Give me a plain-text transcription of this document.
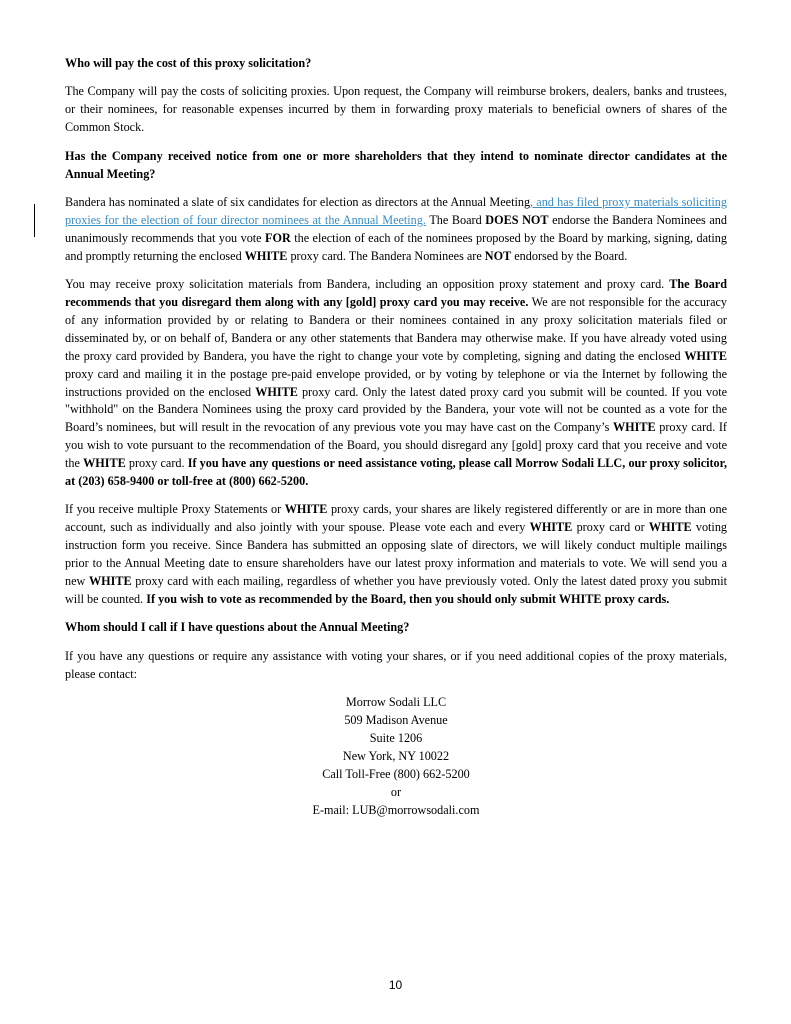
Who will pay the cost of this proxy solicitation?

The Company will pay the costs of soliciting proxies. Upon request, the Company will reimburse brokers, dealers, banks and trustees, or their nominees, for reasonable expenses incurred by them in forwarding proxy materials to beneficial owners of shares of the Common Stock.

Has the Company received notice from one or more shareholders that they intend to nominate director candidates at the Annual Meeting?

Bandera has nominated a slate of six candidates for election as directors at the Annual Meeting, and has filed proxy materials soliciting proxies for the election of four director nominees at the Annual Meeting. The Board DOES NOT endorse the Bandera Nominees and unanimously recommends that you vote FOR the election of each of the nominees proposed by the Board by marking, signing, dating and promptly returning the enclosed WHITE proxy card. The Bandera Nominees are NOT endorsed by the Board.

You may receive proxy solicitation materials from Bandera, including an opposition proxy statement and proxy card. The Board recommends that you disregard them along with any [gold] proxy card you may receive. We are not responsible for the accuracy of any information provided by or relating to Bandera or their nominees contained in any proxy solicitation materials filed or disseminated by, or on behalf of, Bandera or any other statements that Bandera may otherwise make. If you have already voted using the proxy card provided by Bandera, you have the right to change your vote by completing, signing and dating the enclosed WHITE proxy card and mailing it in the postage pre-paid envelope provided, or by voting by telephone or via the Internet by following the instructions provided on the enclosed WHITE proxy card. Only the latest dated proxy card you submit will be counted. If you vote "withhold" on the Bandera Nominees using the proxy card provided by the Bandera, your vote will not be counted as a vote for the Board’s nominees, but will result in the revocation of any previous vote you may have cast on the Company’s WHITE proxy card. If you wish to vote pursuant to the recommendation of the Board, you should disregard any [gold] proxy card that you receive and vote the WHITE proxy card. If you have any questions or need assistance voting, please call Morrow Sodali LLC, our proxy solicitor, at (203) 658-9400 or toll-free at (800) 662-5200.

If you receive multiple Proxy Statements or WHITE proxy cards, your shares are likely registered differently or are in more than one account, such as individually and also jointly with your spouse. Please vote each and every WHITE proxy card or WHITE voting instruction form you receive. Since Bandera has submitted an opposing slate of directors, we will likely conduct multiple mailings prior to the Annual Meeting date to ensure shareholders have our latest proxy information and materials to vote. We will send you a new WHITE proxy card with each mailing, regardless of whether you have previously voted. Only the latest dated proxy you submit will be counted. If you wish to vote as recommended by the Board, then you should only submit WHITE proxy cards.

Whom should I call if I have questions about the Annual Meeting?

If you have any questions or require any assistance with voting your shares, or if you need additional copies of the proxy materials, please contact:

Morrow Sodali LLC
509 Madison Avenue
Suite 1206
New York, NY 10022
Call Toll-Free (800) 662-5200
or
E-mail: LUB@morrowsodali.com
10
